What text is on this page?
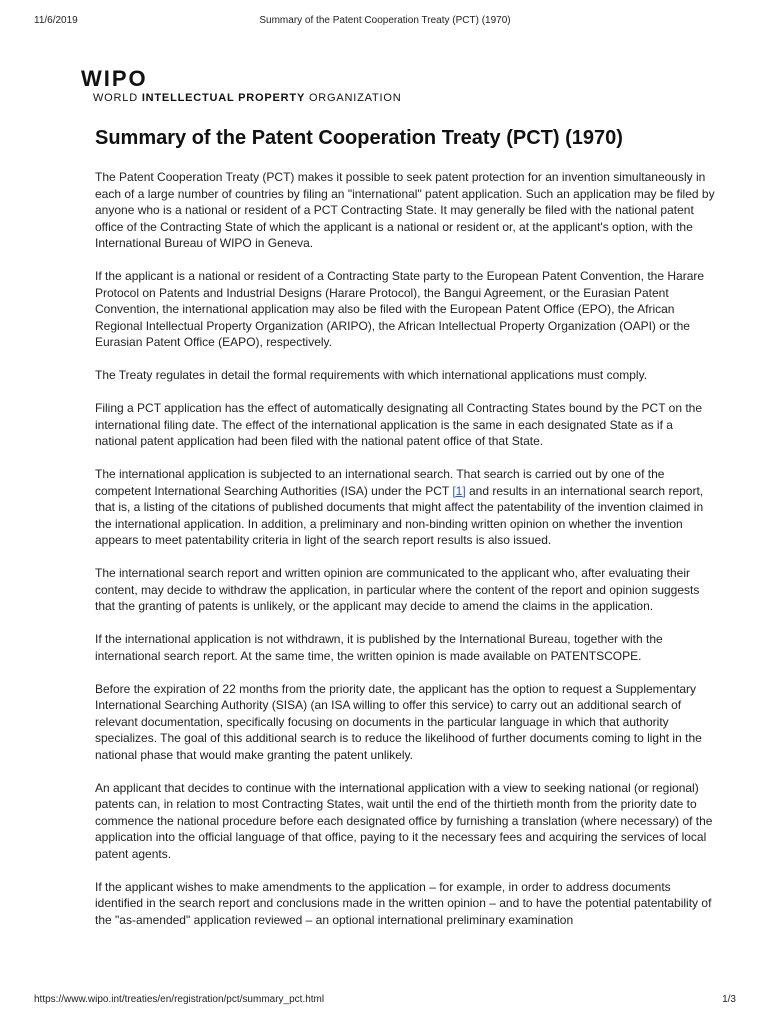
11/6/2019	Summary of the Patent Cooperation Treaty (PCT) (1970)
WIPO
WORLD INTELLECTUAL PROPERTY ORGANIZATION
Summary of the Patent Cooperation Treaty (PCT) (1970)

The Patent Cooperation Treaty (PCT) makes it possible to seek patent protection for an invention simultaneously in each of a large number of countries by filing an "international" patent application. Such an application may be filed by anyone who is a national or resident of a PCT Contracting State. It may generally be filed with the national patent office of the Contracting State of which the applicant is a national or resident or, at the applicant's option, with the International Bureau of WIPO in Geneva.

If the applicant is a national or resident of a Contracting State party to the European Patent Convention, the Harare Protocol on Patents and Industrial Designs (Harare Protocol), the Bangui Agreement, or the Eurasian Patent Convention, the international application may also be filed with the European Patent Office (EPO), the African Regional Intellectual Property Organization (ARIPO), the African Intellectual Property Organization (OAPI) or the Eurasian Patent Office (EAPO), respectively.

The Treaty regulates in detail the formal requirements with which international applications must comply.

Filing a PCT application has the effect of automatically designating all Contracting States bound by the PCT on the international filing date. The effect of the international application is the same in each designated State as if a national patent application had been filed with the national patent office of that State.

The international application is subjected to an international search. That search is carried out by one of the competent International Searching Authorities (ISA) under the PCT [1] and results in an international search report, that is, a listing of the citations of published documents that might affect the patentability of the invention claimed in the international application. In addition, a preliminary and non-binding written opinion on whether the invention appears to meet patentability criteria in light of the search report results is also issued.

The international search report and written opinion are communicated to the applicant who, after evaluating their content, may decide to withdraw the application, in particular where the content of the report and opinion suggests that the granting of patents is unlikely, or the applicant may decide to amend the claims in the application.

If the international application is not withdrawn, it is published by the International Bureau, together with the international search report. At the same time, the written opinion is made available on PATENTSCOPE.

Before the expiration of 22 months from the priority date, the applicant has the option to request a Supplementary International Searching Authority (SISA) (an ISA willing to offer this service) to carry out an additional search of relevant documentation, specifically focusing on documents in the particular language in which that authority specializes. The goal of this additional search is to reduce the likelihood of further documents coming to light in the national phase that would make granting the patent unlikely.

An applicant that decides to continue with the international application with a view to seeking national (or regional) patents can, in relation to most Contracting States, wait until the end of the thirtieth month from the priority date to commence the national procedure before each designated office by furnishing a translation (where necessary) of the application into the official language of that office, paying to it the necessary fees and acquiring the services of local patent agents.

If the applicant wishes to make amendments to the application – for example, in order to address documents identified in the search report and conclusions made in the written opinion – and to have the potential patentability of the "as-amended" application reviewed – an optional international preliminary examination

https://www.wipo.int/treaties/en/registration/pct/summary_pct.html	1/3
